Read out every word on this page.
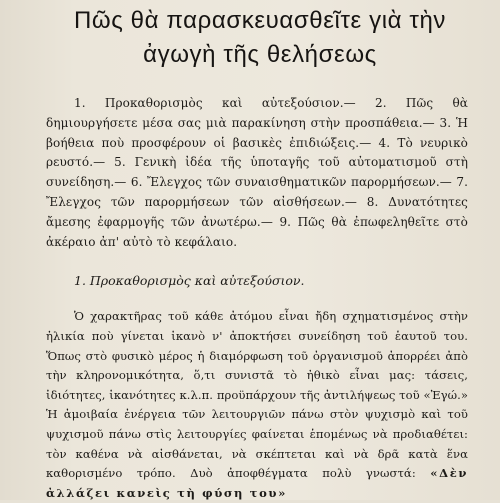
Πῶς θὰ παρασκευασθεῖτε γιὰ τὴν
ἀγωγὴ τῆς θελήσεως

1. Προκαθορισμὸς καὶ αὐτεξούσιον.— 2. Πῶς θὰ δημιουργήσετε μέσα σας μιὰ παρακίνηση στὴν προσπάθεια.— 3. Ἡ βοήθεια ποὺ προσφέρουν οἱ βασικὲς ἐπιδιώξεις.— 4. Τὸ νευρικὸ ρευστό.— 5. Γενικὴ ἰδέα τῆς ὑποταγῆς τοῦ αὐτοματισμοῦ στὴ συνείδηση.— 6. Ἔλεγχος τῶν συναισθηματικῶν παρορμήσεων.— 7. Ἔλεγχος τῶν παρορμήσεων τῶν αἰσθήσεων.— 8. Δυνατότητες ἄμεσης ἐφαρμογῆς τῶν ἀνωτέρω.— 9. Πῶς θὰ ἐπωφεληθεῖτε στὸ ἀκέραιο ἀπ' αὐτὸ τὸ κεφάλαιο.

1. Προκαθορισμὸς καὶ αὐτεξούσιον.

Ὁ χαρακτῆρας τοῦ κάθε ἀτόμου εἶναι ἤδη σχηματισμένος στὴν ἡλικία ποὺ γίνεται ἱκανὸ ν' ἀποκτήσει συνείδηση τοῦ ἑαυτοῦ του. Ὅπως στὸ φυσικὸ μέρος ἡ διαμόρφωση τοῦ ὀργανισμοῦ ἀπορρέει ἀπὸ τὴν κληρονομικότητα, ὅ,τι συνιστᾶ τὸ ἠθικὸ εἶναι μας: τάσεις, ἰδιότητες, ἱκανότητες κ.λ.π. προϋπάρχουν τῆς ἀντιλήψεως τοῦ «Ἐγώ.» Ἡ ἀμοιβαία ἐνέργεια τῶν λειτουργιῶν πάνω στὸν ψυχισμὸ καὶ τοῦ ψυχισμοῦ πάνω στὶς λειτουργίες φαίνεται ἑπομένως νὰ προδιαθέτει: τὸν καθένα νὰ αἰσθάνεται, νὰ σκέπτεται καὶ νὰ δρᾶ κατὰ ἕνα καθορισμένο τρόπο. Δυὸ ἀποφθέγματα πολὺ γνωστά: «Δὲν ἀλλάζει κανεὶς τὴ φύση του»
